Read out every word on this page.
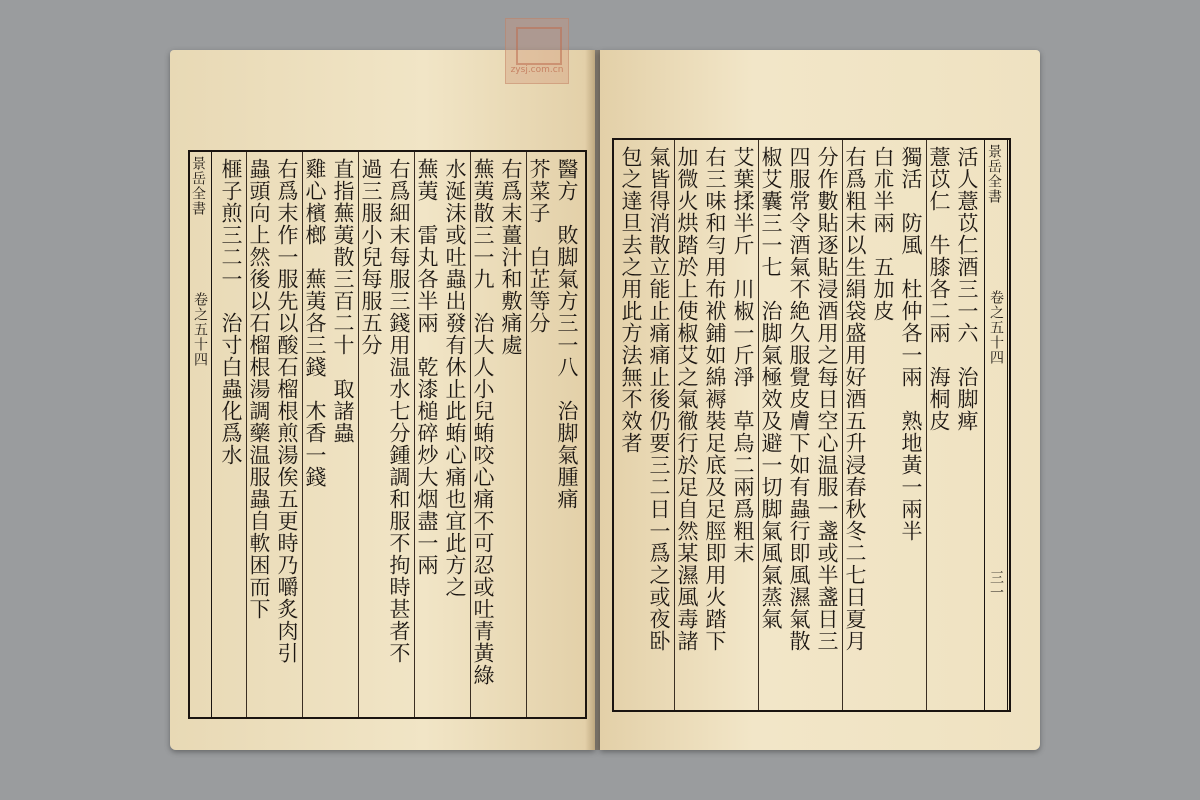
景岳全書
卷之五十四 榧子煎三二一　治寸白蟲化爲水 蟲頭向上然後以石榴根湯調藥温服蟲自軟困而下 右爲末作一服先以酸石榴根煎湯俟五更時乃嚼炙肉引 雞心檳榔　蕪荑各三錢　木香一錢 直指蕪荑散三百二十　取諸蟲 過三服小兒每服五分 右爲細末每服三錢用温水七分鍾調和服不拘時甚者不 蕪荑　雷丸各半兩　乾漆槌碎炒大烟盡一兩 水涎沫或吐蟲出發有休止此蛕心痛也宜此方之 蕪荑散三一九　治大人小兒蛕咬心痛不可忍或吐青黃綠 右爲末薑汁和敷痛處 芥菜子　白芷等分 醫方　敗脚氣方三一八　治脚氣腫痛 包之達旦去之用此方法無不效者 氣皆得消散立能止痛痛止後仍要三二日一爲之或夜卧 加微火烘踏於上使椒艾之氣徹行於足自然某濕風毒諸 右三味和勻用布袱鋪如綿褥裝足底及足脛即用火踏下 艾葉揉半斤　川椒一斤淨　草烏二兩爲粗末 椒艾囊三一七　治脚氣極效及避一切脚氣風氣蒸氣 四服常令酒氣不絶久服覺皮膚下如有蟲行即風濕氣散 分作數貼逐貼浸酒用之每日空心温服一盞或半盞日三 右爲粗末以生絹袋盛用好酒五升浸春秋冬二七日夏月 白朮半兩　五加皮 獨活　防風　杜仲各一兩　熟地黃一兩半 薏苡仁　牛膝各二兩　海桐皮 活人薏苡仁酒三一六　治脚痺 景岳全書
卷之五十四
三一
zysj.com.cn
